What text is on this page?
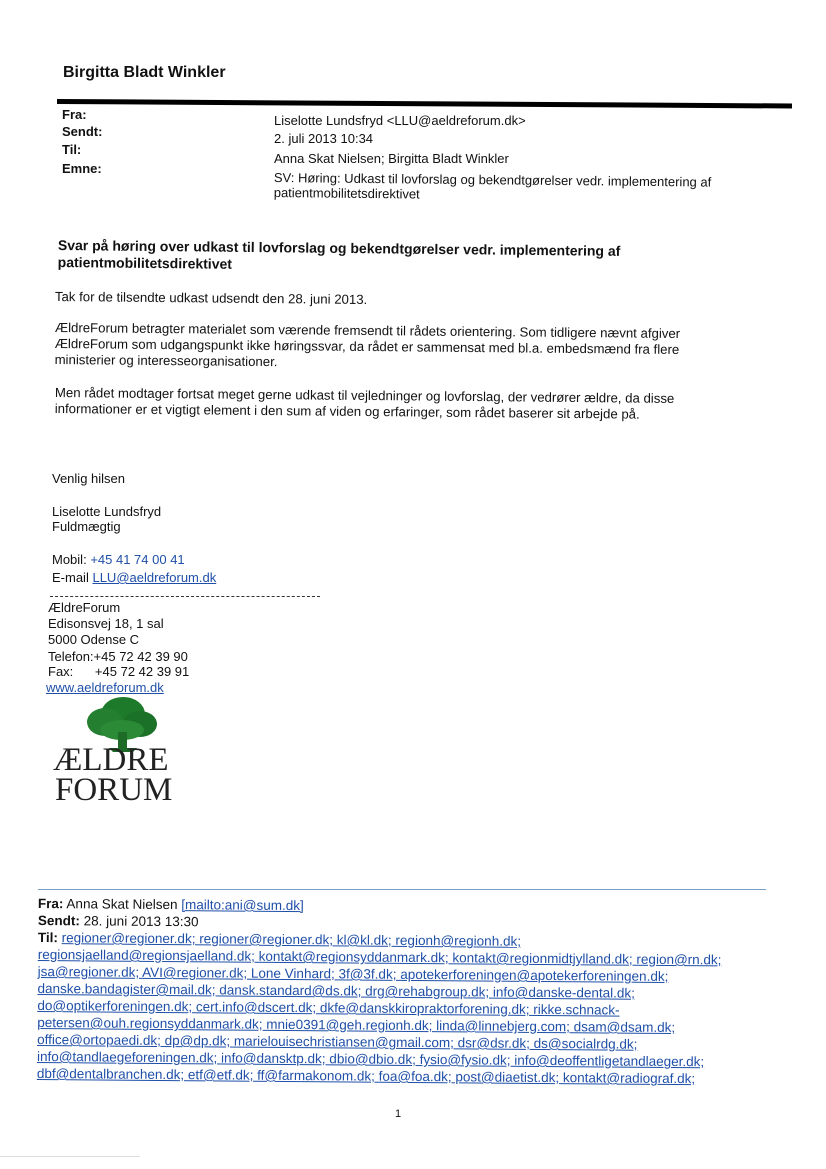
Birgitta Bladt Winkler
Fra:
Sendt:
Til:
Emne:
Liselotte Lundsfryd <LLU@aeldreforum.dk>
2. juli 2013 10:34
Anna Skat Nielsen; Birgitta Bladt Winkler
SV: Høring: Udkast til lovforslag og bekendtgørelser vedr. implementering af
patientmobilitetsdirektivet
Svar på høring over udkast til lovforslag og bekendtgørelser vedr. implementering af
patientmobilitetsdirektivet
Tak for de tilsendte udkast udsendt den 28. juni 2013.
ÆldreForum betragter materialet som værende fremsendt til rådets orientering. Som tidligere nævnt afgiver
ÆldreForum som udgangspunkt ikke høringssvar, da rådet er sammensat med bl.a. embedsmænd fra flere
ministerier og interesseorganisationer.
Men rådet modtager fortsat meget gerne udkast til vejledninger og lovforslag, der vedrører ældre, da disse
informationer er et vigtigt element i den sum af viden og erfaringer, som rådet baserer sit arbejde på.
Venlig hilsen
Liselotte Lundsfryd
Fuldmægtig
Mobil: +45 41 74 00 41
E-mail LLU@aeldreforum.dk
ÆldreForum
Edisonsvej 18, 1 sal
5000 Odense C
Telefon:+45 72 42 39 90
Fax: +45 72 42 39 91
www.aeldreforum.dk
ÆLDRE
FORUM
Fra: Anna Skat Nielsen [mailto:ani@sum.dk]
Sendt: 28. juni 2013 13:30
Til: regioner@regioner.dk; regioner@regioner.dk; kl@kl.dk; regionh@regionh.dk;
regionsjaelland@regionsjaelland.dk; kontakt@regionsyddanmark.dk; kontakt@regionmidtjylland.dk; region@rn.dk;
jsa@regioner.dk; AVI@regioner.dk; Lone Vinhard; 3f@3f.dk; apotekerforeningen@apotekerforeningen.dk;
danske.bandagister@mail.dk; dansk.standard@ds.dk; drg@rehabgroup.dk; info@danske-dental.dk;
do@optikerforeningen.dk; cert.info@dscert.dk; dkfe@danskkiropraktorforening.dk; rikke.schnack-
petersen@ouh.regionsyddanmark.dk; mnie0391@geh.regionh.dk; linda@linnebjerg.com; dsam@dsam.dk;
office@ortopaedi.dk; dp@dp.dk; marielouisechristiansen@gmail.com; dsr@dsr.dk; ds@socialrdg.dk;
info@tandlaegeforeningen.dk; info@dansktp.dk; dbio@dbio.dk; fysio@fysio.dk; info@deoffentligetandlaeger.dk;
dbf@dentalbranchen.dk; etf@etf.dk; ff@farmakonom.dk; foa@foa.dk; post@diaetist.dk; kontakt@radiograf.dk;
1
